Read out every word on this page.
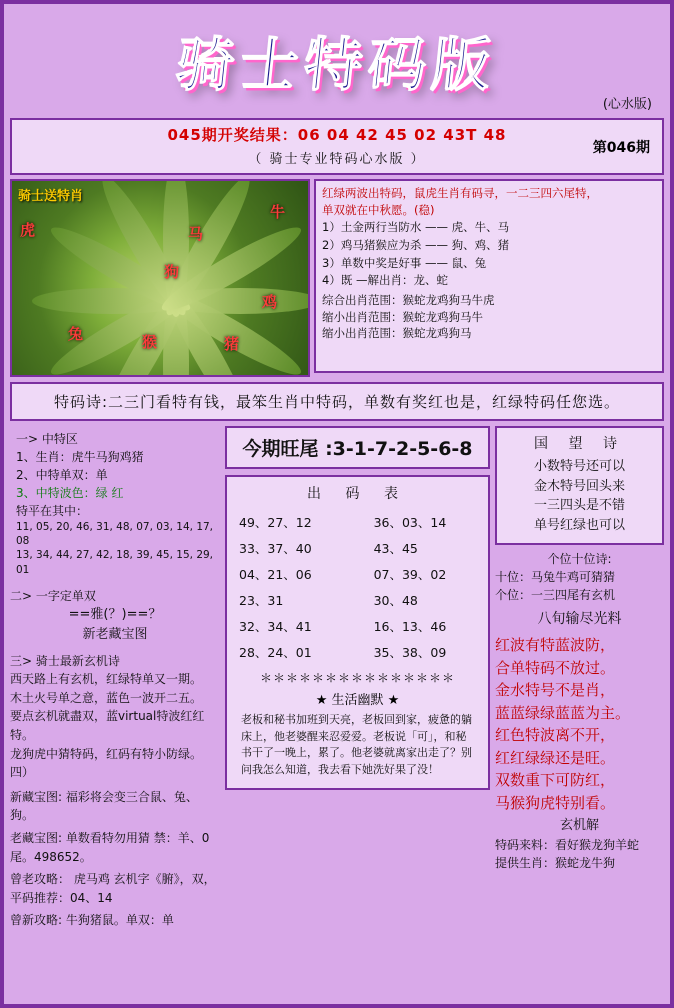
骑士特码版
(心水版)
045期开奖结果：06 04 42 45 02 43T 48
（ 骑士专业特码心水版 ）
第046期
骑士送特肖
牛
虎	马
狗
鸡
兔	猴	猪
红绿两波出特码，鼠虎生肖有码寻，一二三四六尾特，
单双就在中秋愿。(稳)
1）土金两行当防水 —— 虎、牛、马
2）鸡马猪猴应为杀 —— 狗、鸡、猪
3）单数中奖是好事 —— 鼠、兔
4）既 —解出肖：龙、蛇
综合出肖范围：猴蛇龙鸡狗马牛虎
缩小出肖范围：猴蛇龙鸡狗马牛
缩小出肖范围：猴蛇龙鸡狗马
特码诗:二三门看特有钱，最笨生肖中特码，单数有奖红也是，红绿特码任您选。
一> 中特区
1、生肖：虎牛马狗鸡猪
2、中特单双：单
3、中特波色：绿 红
特平在其中：
11, 05, 20, 46, 31, 48, 07, 03, 14, 17, 08
13, 34, 44, 27, 42, 18, 39, 45, 15, 29, 01
二> 一字定单双
==雅(？)==？
新老藏宝图
三> 骑士最新玄机诗
西天路上有玄机，红绿特单又一期。
木土火号单之意，蓝色一波开二五。
要点玄机就盡双，蓝virtual特波红红特。
龙狗虎中猜特码，红码有特小防绿。
四）
新藏宝图: 福彩将会变三合鼠、兔、狗。
老藏宝图: 单数看特勿用猜 禁：羊、0尾。498652。
曾老攻略： 虎马鸡 玄机字《腑》，双，平码推荐：04、14
曾新攻略: 牛狗猪鼠。单双：单
今期旺尾 :3-1-7-2-5-6-8
出 码 表
49、27、12	36、03、14
33、37、40	43、45
04、21、06	07、39、02
23、31	30、48
32、34、41	16、13、46
28、24、01	35、38、09
＊＊＊＊＊＊＊＊＊＊＊＊＊＊＊
★ 生活幽默 ★
老板和秘书加班到天亮，老板回到家，疲惫的躺床上，他老婆醒来忍爱爱。老板说「可」，和秘书干了一晚上，累了。他老婆就离家出走了？别问我怎么知道，我去看下她洗好果了没！
国 望 诗
小数特号还可以
金木特号回头来
一三四头是不错
单号红绿也可以
个位十位诗:
十位：马兔牛鸡可猜猜
个位：一三四尾有玄机
八旬输尽光料
红波有特蓝波防，
合单特码不放过。
金水特号不是肖，
蓝蓝绿绿蓝蓝为主。
红色特波离不开，
红红绿绿还是旺。
双数重下可防红，
马猴狗虎特别看。
玄机解
特码来料：看好猴龙狗羊蛇
提供生肖：猴蛇龙牛狗
